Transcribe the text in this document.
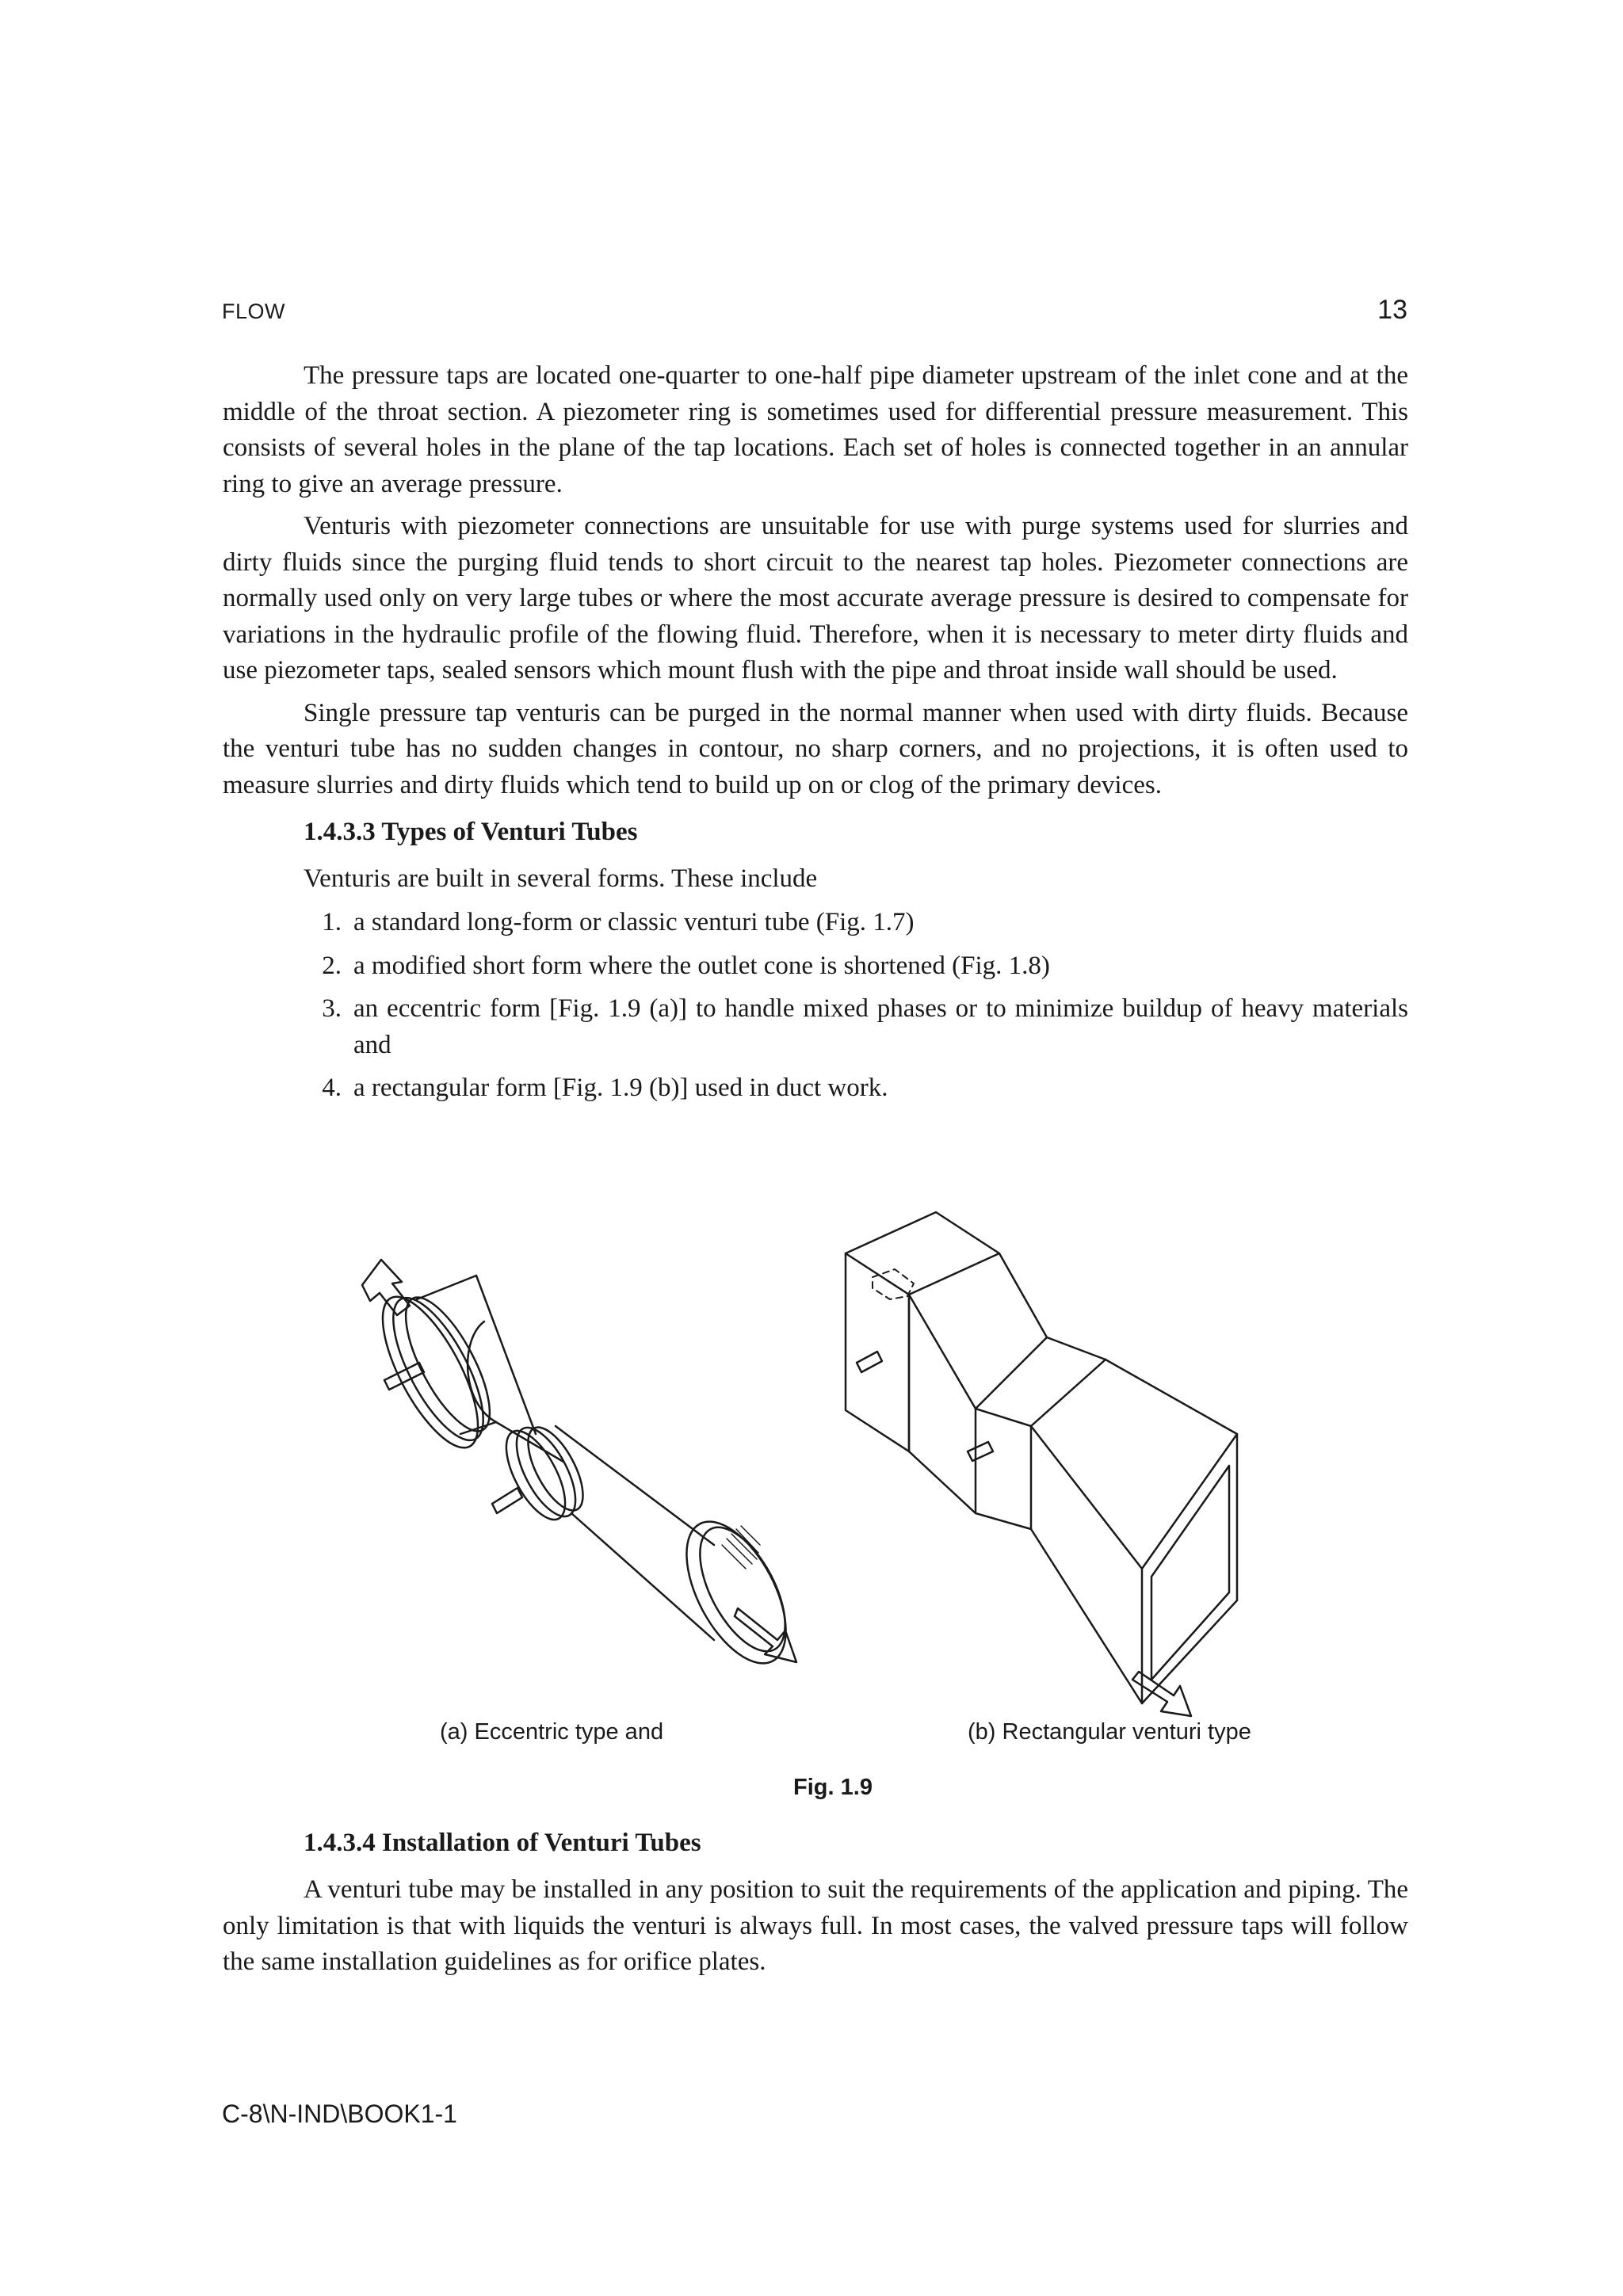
FLOW	13

The pressure taps are located one-quarter to one-half pipe diameter upstream of the inlet cone and at the middle of the throat section. A piezometer ring is sometimes used for differential pressure measurement. This consists of several holes in the plane of the tap locations. Each set of holes is connected together in an annular ring to give an average pressure.

Venturis with piezometer connections are unsuitable for use with purge systems used for slurries and dirty fluids since the purging fluid tends to short circuit to the nearest tap holes. Piezometer connections are normally used only on very large tubes or where the most accurate average pressure is desired to compensate for variations in the hydraulic profile of the flowing fluid. Therefore, when it is necessary to meter dirty fluids and use piezometer taps, sealed sensors which mount flush with the pipe and throat inside wall should be used.

Single pressure tap venturis can be purged in the normal manner when used with dirty fluids. Because the venturi tube has no sudden changes in contour, no sharp corners, and no projections, it is often used to measure slurries and dirty fluids which tend to build up on or clog of the primary devices.

1.4.3.3 Types of Venturi Tubes
Venturis are built in several forms. These include
1. a standard long-form or classic venturi tube (Fig. 1.7)
2. a modified short form where the outlet cone is shortened (Fig. 1.8)
3. an eccentric form [Fig. 1.9 (a)] to handle mixed phases or to minimize buildup of heavy materials and
4. a rectangular form [Fig. 1.9 (b)] used in duct work.
(a) Eccentric type and	(b) Rectangular venturi type
Fig. 1.9
1.4.3.4 Installation of Venturi Tubes

A venturi tube may be installed in any position to suit the requirements of the application and piping. The only limitation is that with liquids the venturi is always full. In most cases, the valved pressure taps will follow the same installation guidelines as for orifice plates.

C-8\N-IND\BOOK1-1
